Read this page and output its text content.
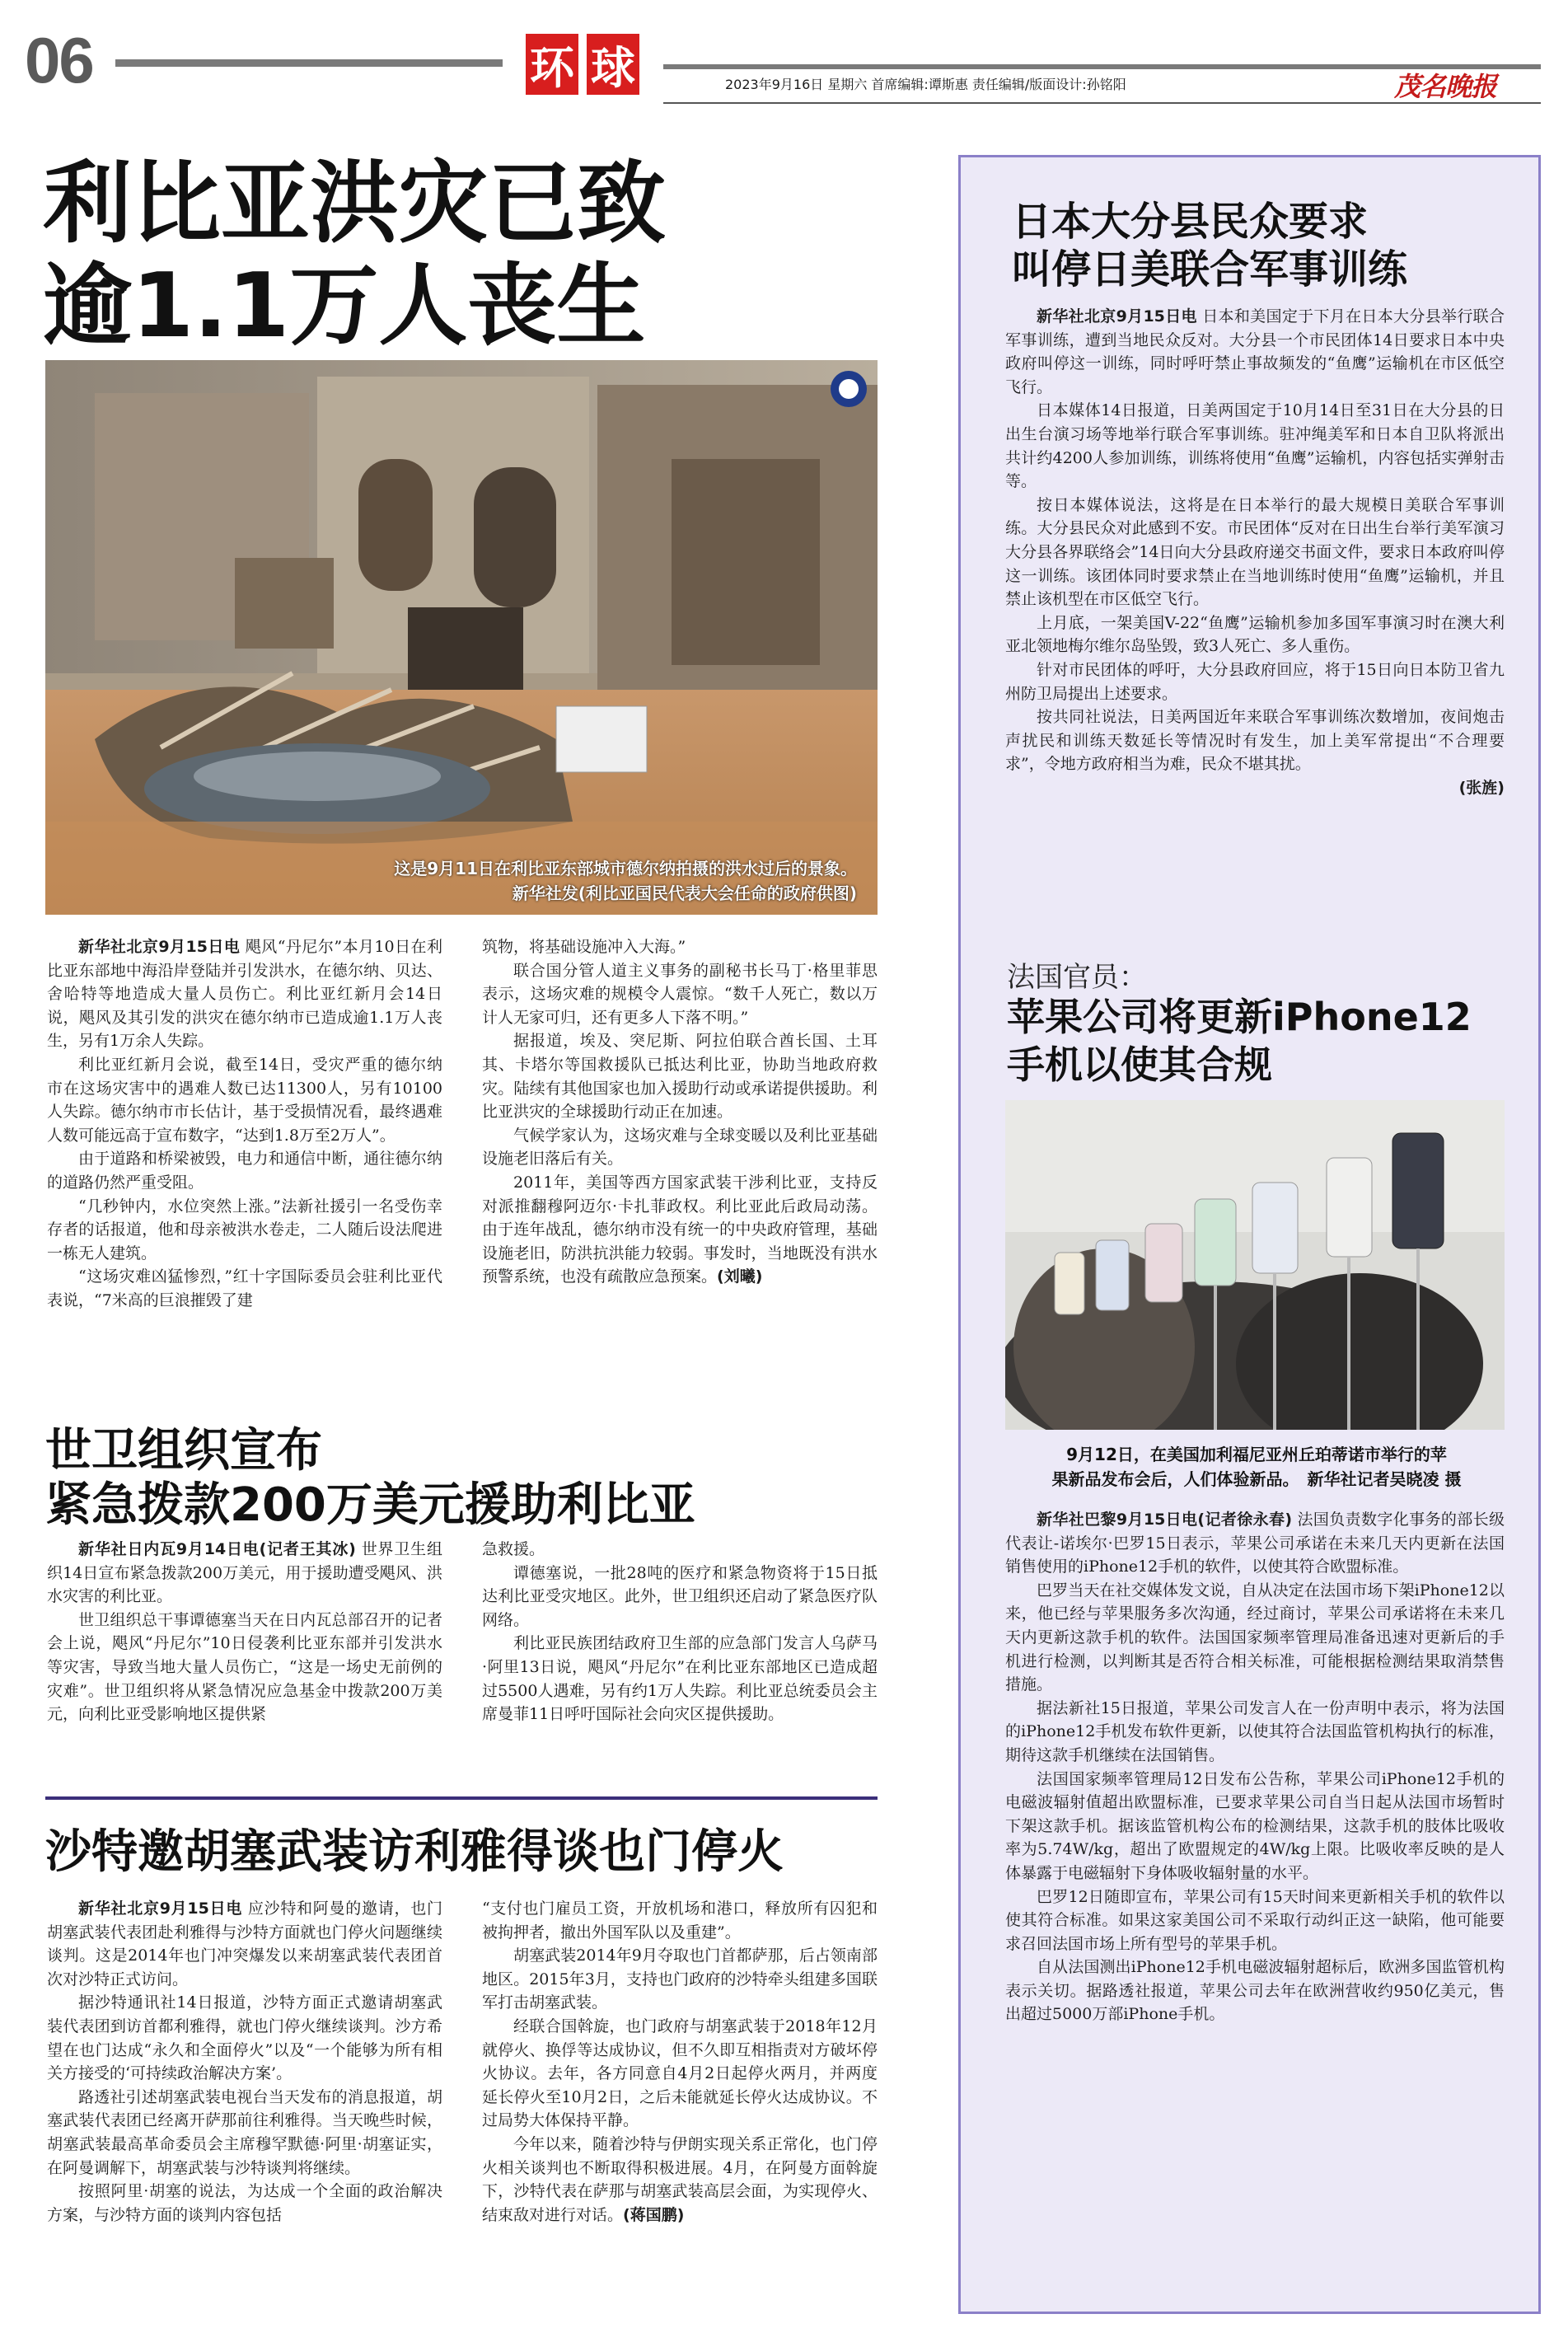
06	环 球	2023年9月16日 星期六 首席编辑:谭斯惠 责任编辑/版面设计:孙铭阳	茂名晚报
利比亚洪灾已致
逾1.1万人丧生
这是9月11日在利比亚东部城市德尔纳拍摄的洪水过后的景象。
新华社发(利比亚国民代表大会任命的政府供图)

新华社北京9月15日电 飓风“丹尼尔”本月10日在利比亚东部地中海沿岸登陆并引发洪水，在德尔纳、贝达、舍哈特等地造成大量人员伤亡。利比亚红新月会14日说，飓风及其引发的洪灾在德尔纳市已造成逾1.1万人丧生，另有1万余人失踪。

利比亚红新月会说，截至14日，受灾严重的德尔纳市在这场灾害中的遇难人数已达11300人，另有10100人失踪。德尔纳市市长估计，基于受损情况看，最终遇难人数可能远高于宣布数字，“达到1.8万至2万人”。

由于道路和桥梁被毁，电力和通信中断，通往德尔纳的道路仍然严重受阻。

“几秒钟内，水位突然上涨。”法新社援引一名受伤幸存者的话报道，他和母亲被洪水卷走，二人随后设法爬进一栋无人建筑。

“这场灾难凶猛惨烈，”红十字国际委员会驻利比亚代表说，“7米高的巨浪摧毁了建

筑物，将基础设施冲入大海。”

联合国分管人道主义事务的副秘书长马丁·格里菲思表示，这场灾难的规模令人震惊。“数千人死亡，数以万计人无家可归，还有更多人下落不明。”

据报道，埃及、突尼斯、阿拉伯联合酋长国、土耳其、卡塔尔等国救援队已抵达利比亚，协助当地政府救灾。陆续有其他国家也加入援助行动或承诺提供援助。利比亚洪灾的全球援助行动正在加速。

气候学家认为，这场灾难与全球变暖以及利比亚基础设施老旧落后有关。

2011年，美国等西方国家武装干涉利比亚，支持反对派推翻穆阿迈尔·卡扎菲政权。利比亚此后政局动荡。由于连年战乱，德尔纳市没有统一的中央政府管理，基础设施老旧，防洪抗洪能力较弱。事发时，当地既没有洪水预警系统，也没有疏散应急预案。(刘曦)

世卫组织宣布
紧急拨款200万美元援助利比亚

新华社日内瓦9月14日电(记者王其冰) 世界卫生组织14日宣布紧急拨款200万美元，用于援助遭受飓风、洪水灾害的利比亚。

世卫组织总干事谭德塞当天在日内瓦总部召开的记者会上说，飓风“丹尼尔”10日侵袭利比亚东部并引发洪水等灾害，导致当地大量人员伤亡，“这是一场史无前例的灾难”。世卫组织将从紧急情况应急基金中拨款200万美元，向利比亚受影响地区提供紧

急救援。

谭德塞说，一批28吨的医疗和紧急物资将于15日抵达利比亚受灾地区。此外，世卫组织还启动了紧急医疗队网络。

利比亚民族团结政府卫生部的应急部门发言人乌萨马·阿里13日说，飓风“丹尼尔”在利比亚东部地区已造成超过5500人遇难，另有约1万人失踪。利比亚总统委员会主席曼菲11日呼吁国际社会向灾区提供援助。

沙特邀胡塞武装访利雅得谈也门停火

新华社北京9月15日电 应沙特和阿曼的邀请，也门胡塞武装代表团赴利雅得与沙特方面就也门停火问题继续谈判。这是2014年也门冲突爆发以来胡塞武装代表团首次对沙特正式访问。

据沙特通讯社14日报道，沙特方面正式邀请胡塞武装代表团到访首都利雅得，就也门停火继续谈判。沙方希望在也门达成“永久和全面停火”以及“一个能够为所有相关方接受的‘可持续政治解决方案’。

路透社引述胡塞武装电视台当天发布的消息报道，胡塞武装代表团已经离开萨那前往利雅得。当天晚些时候，胡塞武装最高革命委员会主席穆罕默德·阿里·胡塞证实，在阿曼调解下，胡塞武装与沙特谈判将继续。

按照阿里·胡塞的说法，为达成一个全面的政治解决方案，与沙特方面的谈判内容包括

“支付也门雇员工资，开放机场和港口，释放所有囚犯和被拘押者，撤出外国军队以及重建”。

胡塞武装2014年9月夺取也门首都萨那，后占领南部地区。2015年3月，支持也门政府的沙特牵头组建多国联军打击胡塞武装。

经联合国斡旋，也门政府与胡塞武装于2018年12月就停火、换俘等达成协议，但不久即互相指责对方破坏停火协议。去年，各方同意自4月2日起停火两月，并两度延长停火至10月2日，之后未能就延长停火达成协议。不过局势大体保持平静。

今年以来，随着沙特与伊朗实现关系正常化，也门停火相关谈判也不断取得积极进展。4月，在阿曼方面斡旋下，沙特代表在萨那与胡塞武装高层会面，为实现停火、结束敌对进行对话。(蒋国鹏)

日本大分县民众要求
叫停日美联合军事训练

新华社北京9月15日电 日本和美国定于下月在日本大分县举行联合军事训练，遭到当地民众反对。大分县一个市民团体14日要求日本中央政府叫停这一训练，同时呼吁禁止事故频发的“鱼鹰”运输机在市区低空飞行。

日本媒体14日报道，日美两国定于10月14日至31日在大分县的日出生台演习场等地举行联合军事训练。驻冲绳美军和日本自卫队将派出共计约4200人参加训练，训练将使用“鱼鹰”运输机，内容包括实弹射击等。

按日本媒体说法，这将是在日本举行的最大规模日美联合军事训练。大分县民众对此感到不安。市民团体“反对在日出生台举行美军演习大分县各界联络会”14日向大分县政府递交书面文件，要求日本政府叫停这一训练。该团体同时要求禁止在当地训练时使用“鱼鹰”运输机，并且禁止该机型在市区低空飞行。

上月底，一架美国V-22“鱼鹰”运输机参加多国军事演习时在澳大利亚北领地梅尔维尔岛坠毁，致3人死亡、多人重伤。

针对市民团体的呼吁，大分县政府回应，将于15日向日本防卫省九州防卫局提出上述要求。

按共同社说法，日美两国近年来联合军事训练次数增加，夜间炮击声扰民和训练天数延长等情况时有发生，加上美军常提出“不合理要求”，令地方政府相当为难，民众不堪其扰。

(张旌)

法国官员：
苹果公司将更新iPhone12
手机以使其合规
9月12日，在美国加利福尼亚州丘珀蒂诺市举行的苹
果新品发布会后，人们体验新品。　新华社记者吴晓凌 摄

新华社巴黎9月15日电(记者徐永春) 法国负责数字化事务的部长级代表让-诺埃尔·巴罗15日表示，苹果公司承诺在未来几天内更新在法国销售使用的iPhone12手机的软件，以使其符合欧盟标准。

巴罗当天在社交媒体发文说，自从决定在法国市场下架iPhone12以来，他已经与苹果服务多次沟通，经过商讨，苹果公司承诺将在未来几天内更新这款手机的软件。法国国家频率管理局准备迅速对更新后的手机进行检测，以判断其是否符合相关标准，可能根据检测结果取消禁售措施。

据法新社15日报道，苹果公司发言人在一份声明中表示，将为法国的iPhone12手机发布软件更新，以使其符合法国监管机构执行的标准，期待这款手机继续在法国销售。

法国国家频率管理局12日发布公告称，苹果公司iPhone12手机的电磁波辐射值超出欧盟标准，已要求苹果公司自当日起从法国市场暂时下架这款手机。据该监管机构公布的检测结果，这款手机的肢体比吸收率为5.74W/kg，超出了欧盟规定的4W/kg上限。比吸收率反映的是人体暴露于电磁辐射下身体吸收辐射量的水平。

巴罗12日随即宣布，苹果公司有15天时间来更新相关手机的软件以使其符合标准。如果这家美国公司不采取行动纠正这一缺陷，他可能要求召回法国市场上所有型号的苹果手机。

自从法国测出iPhone12手机电磁波辐射超标后，欧洲多国监管机构表示关切。据路透社报道，苹果公司去年在欧洲营收约950亿美元，售出超过5000万部iPhone手机。
